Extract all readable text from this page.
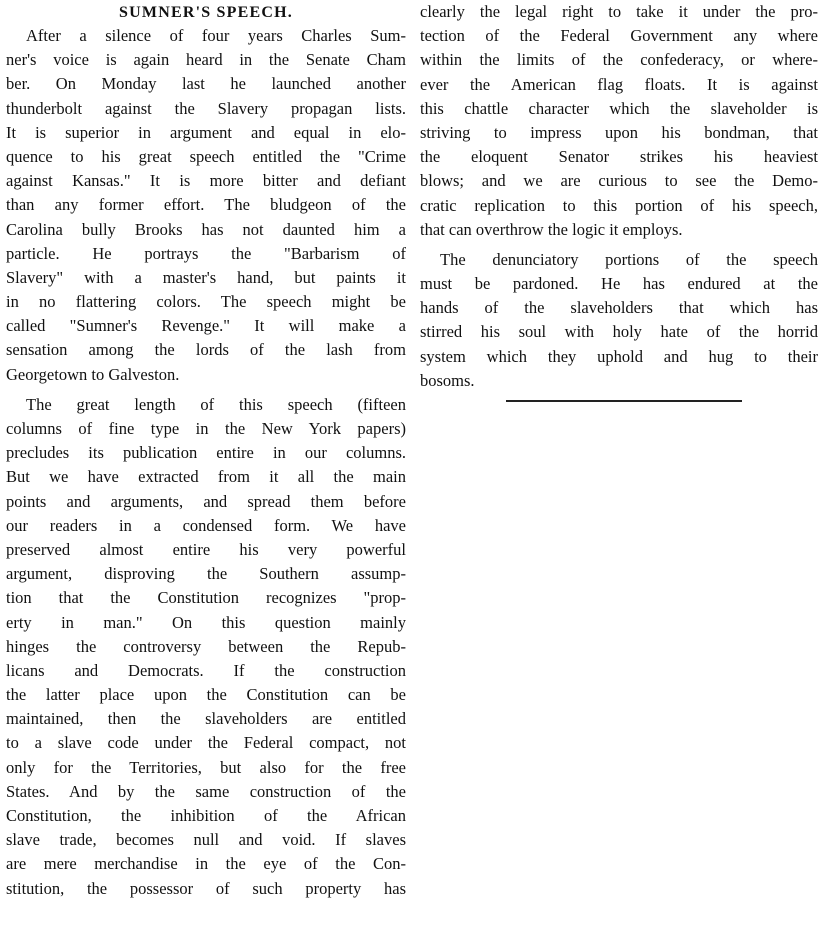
SUMNER'S SPEECH.
After a silence of four years Charles Sum-
ner's voice is again heard in the Senate Cham
ber. On Monday last he launched another
thunderbolt against the Slavery propagan lists.
It is superior in argument and equal in elo-
quence to his great speech entitled the "Crime
against Kansas." It is more bitter and defiant
than any former effort. The bludgeon of the
Carolina bully Brooks has not daunted him a
particle. He portrays the "Barbarism of
Slavery" with a master's hand, but paints it
in no flattering colors. The speech might be
called "Sumner's Revenge." It will make a
sensation among the lords of the lash from
Georgetown to Galveston.
The great length of this speech (fifteen
columns of fine type in the New York papers)
precludes its publication entire in our columns.
But we have extracted from it all the main
points and arguments, and spread them before
our readers in a condensed form. We have
preserved almost entire his very powerful
argument, disproving the Southern assump-
tion that the Constitution recognizes "prop-
erty in man." On this question mainly
hinges the controversy between the Repub-
licans and Democrats. If the construction
the latter place upon the Constitution can be
maintained, then the slaveholders are entitled
to a slave code under the Federal compact, not
only for the Territories, but also for the free
States. And by the same construction of the
Constitution, the inhibition of the African
slave trade, becomes null and void. If slaves
are mere merchandise in the eye of the Con-
stitution, the possessor of such property has
clearly the legal right to take it under the pro-
tection of the Federal Government any where
within the limits of the confederacy, or where-
ever the American flag floats. It is against
this chattle character which the slaveholder is
striving to impress upon his bondman, that
the eloquent Senator strikes his heaviest
blows; and we are curious to see the Demo-
cratic replication to this portion of his speech,
that can overthrow the logic it employs.
The denunciatory portions of the speech
must be pardoned. He has endured at the
hands of the slaveholders that which has
stirred his soul with holy hate of the horrid
system which they uphold and hug to their
bosoms.
